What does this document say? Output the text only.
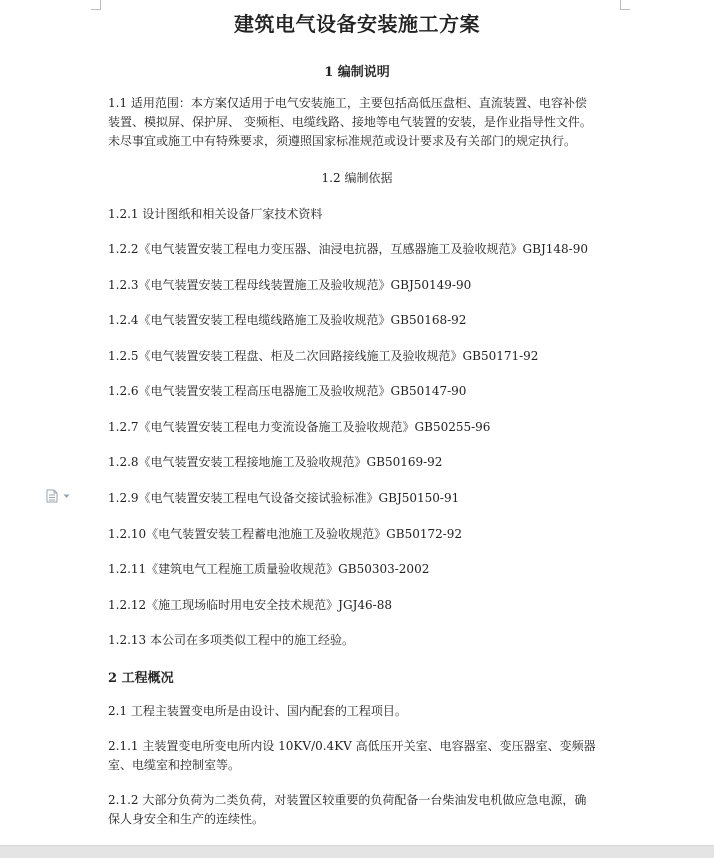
建筑电气设备安装施工方案
1 编制说明
1.1 适用范围：本方案仅适用于电气安装施工，主要包括高低压盘柜、直流装置、电容补偿
装置、模拟屏、保护屏、 变频柜、电缆线路、接地等电气装置的安装，是作业指导性文件。
未尽事宜或施工中有特殊要求，须遵照国家标准规范或设计要求及有关部门的规定执行。
1.2 编制依据
1.2.1 设计图纸和相关设备厂家技术资料
1.2.2《电气装置安装工程电力变压器、油浸电抗器，互感器施工及验收规范》GBJ148-90
1.2.3《电气装置安装工程母线装置施工及验收规范》GBJ50149-90
1.2.4《电气装置安装工程电缆线路施工及验收规范》GB50168-92
1.2.5《电气装置安装工程盘、柜及二次回路接线施工及验收规范》GB50171-92
1.2.6《电气装置安装工程高压电器施工及验收规范》GB50147-90
1.2.7《电气装置安装工程电力变流设备施工及验收规范》GB50255-96
1.2.8《电气装置安装工程接地施工及验收规范》GB50169-92
1.2.9《电气装置安装工程电气设备交接试验标准》GBJ50150-91
1.2.10《电气装置安装工程蓄电池施工及验收规范》GB50172-92
1.2.11《建筑电气工程施工质量验收规范》GB50303-2002
1.2.12《施工现场临时用电安全技术规范》JGJ46-88
1.2.13 本公司在多项类似工程中的施工经验。
2 工程概况
2.1 工程主装置变电所是由设计、国内配套的工程项目。
2.1.1 主装置变电所变电所内设 10KV/0.4KV 高低压开关室、电容器室、变压器室、变频器
室、电缆室和控制室等。
2.1.2 大部分负荷为二类负荷，对装置区较重要的负荷配备一台柴油发电机做应急电源，确
保人身安全和生产的连续性。
